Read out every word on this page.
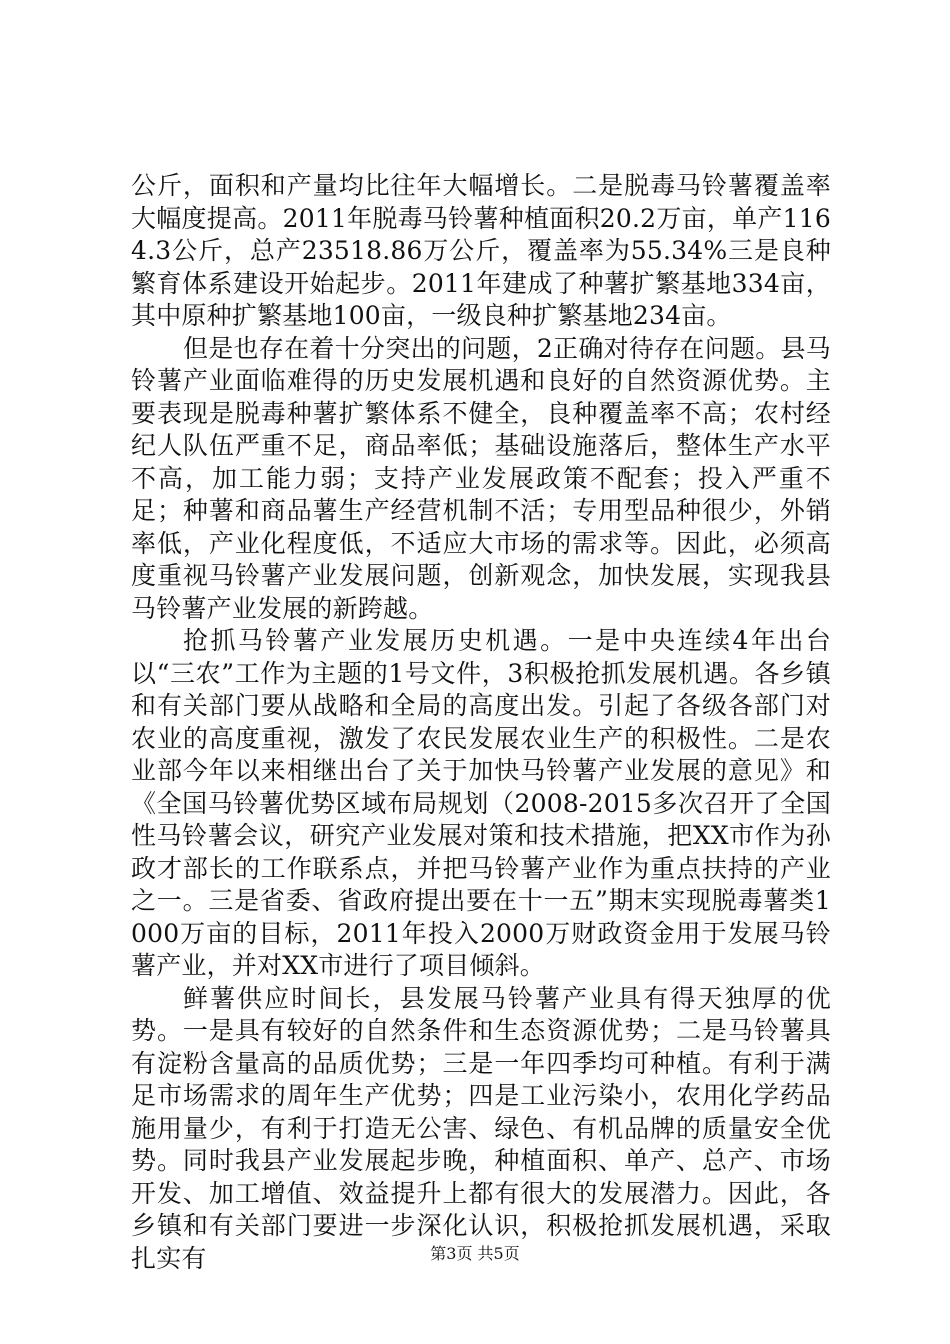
公斤，面积和产量均比往年大幅增长。二是脱毒马铃薯覆盖率大幅度提高。2011年脱毒马铃薯种植面积20.2万亩，单产1164.3公斤，总产23518.86万公斤，覆盖率为55.34%三是良种繁育体系建设开始起步。2011年建成了种薯扩繁基地334亩，其中原种扩繁基地100亩，一级良种扩繁基地234亩。

但是也存在着十分突出的问题，2正确对待存在问题。县马铃薯产业面临难得的历史发展机遇和良好的自然资源优势。主要表现是脱毒种薯扩繁体系不健全，良种覆盖率不高；农村经纪人队伍严重不足，商品率低；基础设施落后，整体生产水平不高，加工能力弱；支持产业发展政策不配套；投入严重不足；种薯和商品薯生产经营机制不活；专用型品种很少，外销率低，产业化程度低，不适应大市场的需求等。因此，必须高度重视马铃薯产业发展问题，创新观念，加快发展，实现我县马铃薯产业发展的新跨越。

抢抓马铃薯产业发展历史机遇。一是中央连续4年出台以“三农”工作为主题的1号文件，3积极抢抓发展机遇。各乡镇和有关部门要从战略和全局的高度出发。引起了各级各部门对农业的高度重视，激发了农民发展农业生产的积极性。二是农业部今年以来相继出台了关于加快马铃薯产业发展的意见》和《全国马铃薯优势区域布局规划（2008-2015多次召开了全国性马铃薯会议，研究产业发展对策和技术措施，把XX市作为孙政才部长的工作联系点，并把马铃薯产业作为重点扶持的产业之一。三是省委、省政府提出要在十一五”期末实现脱毒薯类1000万亩的目标，2011年投入2000万财政资金用于发展马铃薯产业，并对XX市进行了项目倾斜。

鲜薯供应时间长，县发展马铃薯产业具有得天独厚的优势。一是具有较好的自然条件和生态资源优势；二是马铃薯具有淀粉含量高的品质优势；三是一年四季均可种植。有利于满足市场需求的周年生产优势；四是工业污染小，农用化学药品施用量少，有利于打造无公害、绿色、有机品牌的质量安全优势。同时我县产业发展起步晚，种植面积、单产、总产、市场开发、加工增值、效益提升上都有很大的发展潜力。因此，各乡镇和有关部门要进一步深化认识，积极抢抓发展机遇，采取扎实有	第3页 共5页
